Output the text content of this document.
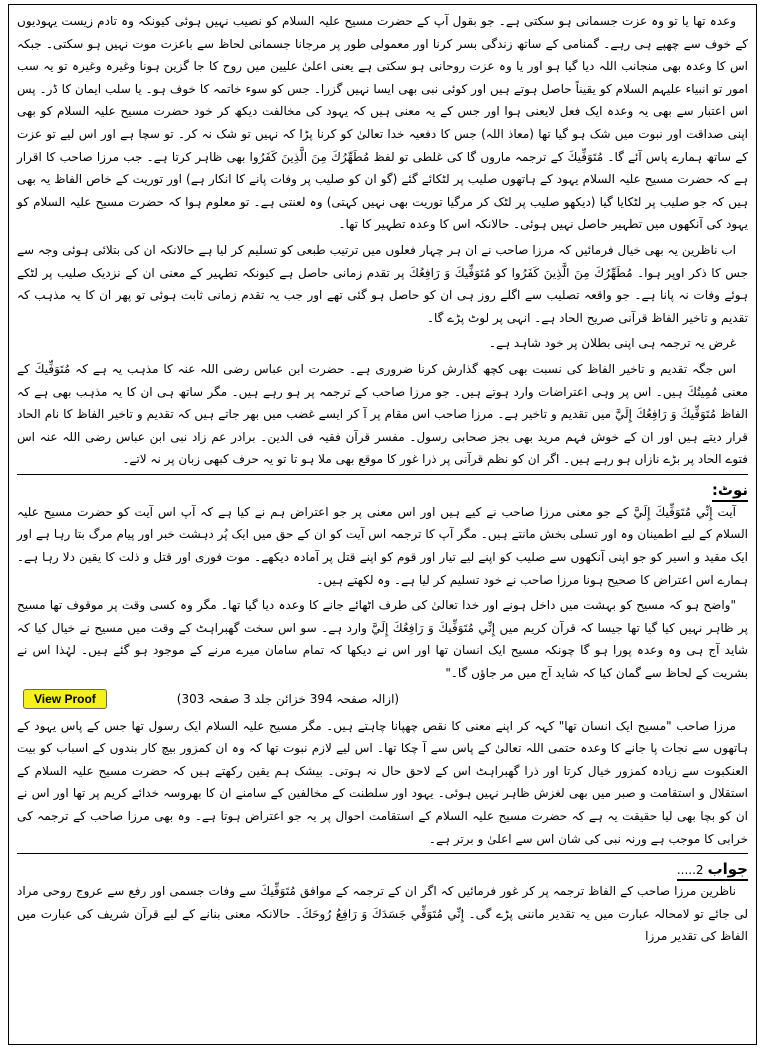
وعدہ تھا یا تو وہ عزت جسمانی ہو سکتی ہے۔ جو بقول آپ کے حضرت مسیح علیہ السلام کو نصیب نہیں ہوئی کیونکہ وہ تادم زیست یہودیوں کے خوف سے چھپے ہی رہے۔ گمنامی کے ساتھ زندگی بسر کرنا اور معمولی طور پر مرجانا جسمانی لحاظ سے باعزت موت نہیں ہو سکتی۔ جبکہ اس کا وعدہ بھی منجانب اللہ دیا گیا ہو اور یا وہ عزت روحانی ہو سکتی ہے یعنی اعلیٰ علیین میں روح کا جا گزین ہونا وغیرہ وغیرہ تو یہ سب امور تو انبیاء علیہم السلام کو یقیناً حاصل ہوتے ہیں اور کوئی نبی بھی ایسا نہیں گزرا۔ جس کو سوء خاتمہ کا خوف ہو۔ یا سلب ایمان کا ڈر۔ پس اس اعتبار سے بھی یہ وعدہ ایک فعل لایعنی ہوا اور جس کے یہ معنی ہیں کہ یہود کی مخالفت دیکھ کر خود حضرت مسیح علیہ السلام کو بھی اپنی صداقت اور نبوت میں شک ہو گیا تھا (معاذ اللہ) جس کا دفعیہ خدا تعالیٰ کو کرنا پڑا کہ نہیں تو شک نہ کر۔ تو سچا ہے اور اس لیے تو عزت کے ساتھ ہمارے پاس آئے گا۔ مُتَوَفِّيكَ کے ترجمہ ماروں گا کی غلطی تو لفظ مُطَهِّرُكَ مِنَ الَّذِينَ كَفَرُوا بھی ظاہر کرتا ہے۔ جب مرزا صاحب کا اقرار ہے کہ حضرت مسیح علیہ السلام یہود کے ہاتھوں صلیب پر لٹکائے گئے (گو ان کو صلیب پر وفات پانے کا انکار ہے) اور توریت کے خاص الفاظ یہ بھی ہیں کہ جو صلیب پر لٹکایا گیا (دیکھو صلیب پر لٹک کر مرگیا توریت بھی نہیں کہتی) وہ لعنتی ہے۔ تو معلوم ہوا کہ حضرت مسیح علیہ السلام کو یہود کی آنکھوں میں تطہیر حاصل نہیں ہوئی۔ حالانکہ اس کا وعدہ تطہیر کا تھا۔

اب ناظرین یہ بھی خیال فرمائیں کہ مرزا صاحب نے ان ہر چہار فعلوں میں ترتیب طبعی کو تسلیم کر لیا ہے حالانکہ ان کی بتلائی ہوئی وجہ سے جس کا ذکر اوپر ہوا۔ مُطَهِّرُكَ مِنَ الَّذِينَ كَفَرُوا کو مُتَوَفِّيكَ وَ رَافِعُكَ پر تقدم زمانی حاصل ہے کیونکہ تطہیر کے معنی ان کے نزدیک صلیب پر لٹکے ہوئے وفات نہ پانا ہے۔ جو واقعہ تصلیب سے اگلے روز ہی ان کو حاصل ہو گئی تھے اور جب یہ تقدم زمانی ثابت ہوئی تو پھر ان کا یہ مذہب کہ تقدیم و تاخیر الفاظ قرآنی صریح الحاد ہے۔ انہی پر لوٹ پڑے گا۔

غرض یہ ترجمہ ہی اپنی بطلان پر خود شاہد ہے۔

اس جگہ تقدیم و تاخیر الفاظ کی نسبت بھی کچھ گذارش کرنا ضروری ہے۔ حضرت ابن عباس رضی اللہ عنہ کا مذہب یہ ہے کہ مُتَوَفِّيكَ کے معنی مُمِيتُكَ ہیں۔ اس پر وہی اعتراضات وارد ہوتے ہیں۔ جو مرزا صاحب کے ترجمہ پر ہو رہے ہیں۔ مگر ساتھ ہی ان کا یہ مذہب بھی ہے کہ الفاظ مُتَوَفِّيكَ وَ رَافِعُكَ إِلَيَّ میں تقدیم و تاخیر ہے۔ مرزا صاحب اس مقام پر آ کر ایسے غضب میں بھر جاتے ہیں کہ تقدیم و تاخیر الفاظ کا نام الحاد قرار دیتے ہیں اور ان کے خوش فہم مرید بھی بجز صحابی رسول۔ مفسر قرآن فقیہ فی الدین۔ برادر عم زاد نبی ابن عباس رضی اللہ عنہ اس فتوے الحاد پر بڑے نازاں ہو رہے ہیں۔ اگر ان کو نظم قرآنی پر ذرا غور کا موقع بھی ملا ہو تا تو یہ حرف کبھی زبان پر نہ لاتے۔

نوٹ:

آیت إِنِّي مُتَوَفِّيكَ إِلَيَّ کے جو معنی مرزا صاحب نے کیے ہیں اور اس معنی پر جو اعتراض ہم نے کیا ہے کہ آپ اس آیت کو حضرت مسیح علیہ السلام کے لیے اطمینان وہ اور تسلی بخش مانتے ہیں۔ مگر آپ کا ترجمہ اس آیت کو ان کے حق میں ایک پُر دہشت خبر اور پیام مرگ بتا رہا ہے اور ایک مقید و اسیر کو جو اپنی آنکھوں سے صلیب کو اپنے لیے تیار اور قوم کو اپنے قتل پر آمادہ دیکھے۔ موت فوری اور قتل و ذلت کا یقین دلا رہا ہے۔ ہمارے اس اعتراض کا صحیح ہونا مرزا صاحب نے خود تسلیم کر لیا ہے۔ وہ لکھتے ہیں۔

"واضح ہو کہ مسیح کو بہشت میں داخل ہونے اور خدا تعالیٰ کی طرف اٹھائے جانے کا وعدہ دیا گیا تھا۔ مگر وہ کسی وقت پر موقوف تھا مسیح پر ظاہر نہیں کیا گیا تھا جیسا کہ قرآن کریم میں إِنِّي مُتَوَفِّيكَ وَ رَافِعُكَ إِلَيَّ وارد ہے۔ سو اس سخت گھبراہٹ کے وقت میں مسیح نے خیال کیا کہ شاید آج ہی وہ وعدہ پورا ہو گا چونکہ مسیح ایک انسان تھا اور اس نے دیکھا کہ تمام سامان میرے مرنے کے موجود ہو گئے ہیں۔ لہٰذا اس نے بشریت کے لحاظ سے گمان کیا کہ شاید آج میں مر جاؤں گا۔"

View Proof	(ازالہ صفحہ 394 خزائن جلد 3 صفحہ 303)

مرزا صاحب "مسیح ایک انسان تھا" کہہ کر اپنے معنی کا نقص چھپانا چاہتے ہیں۔ مگر مسیح علیہ السلام ایک رسول تھا جس کے پاس یہود کے ہاتھوں سے نجات پا جانے کا وعدہ حتمی اللہ تعالیٰ کے پاس سے آ چکا تھا۔ اس لیے لازم نبوت تھا کہ وہ ان کمزور بیچ کار بندوں کے اسباب کو بیت العنکبوت سے زیادہ کمزور خیال کرتا اور ذرا گھبراہٹ اس کے لاحق حال نہ ہوتی۔ بیشک ہم یقین رکھتے ہیں کہ حضرت مسیح علیہ السلام کے استقلال و استقامت و صبر میں بھی لغزش ظاہر نہیں ہوئی۔ یہود اور سلطنت کے مخالفین کے سامنے ان کا بھروسہ خدائے کریم پر تھا اور اس نے ان کو بچا بھی لیا حقیقت یہ ہے کہ حضرت مسیح علیہ السلام کے استقامت احوال پر یہ جو اعتراض ہوتا ہے۔ وہ بھی مرزا صاحب کے ترجمہ کی خرابی کا موجب ہے ورنہ نبی کی شان اس سے اعلیٰ و برتر ہے۔

جواب2.....

ناظرین مرزا صاحب کے الفاظ ترجمہ پر کر غور فرمائیں کہ اگر ان کے ترجمہ کے موافق مُتَوَفِّيكَ سے وفات جسمی اور رفع سے عروج روحی مراد لی جائے تو لامحالہ عبارت میں یہ تقدیر ماننی پڑے گی۔ إِنِّي مُتَوَفِّي جَسَدَكَ وَ رَافِعُ رُوحَكَ۔ حالانکہ معنی بنانے کے لیے قرآن شریف کی عبارت میں الفاظ کی تقدیر مرزا
